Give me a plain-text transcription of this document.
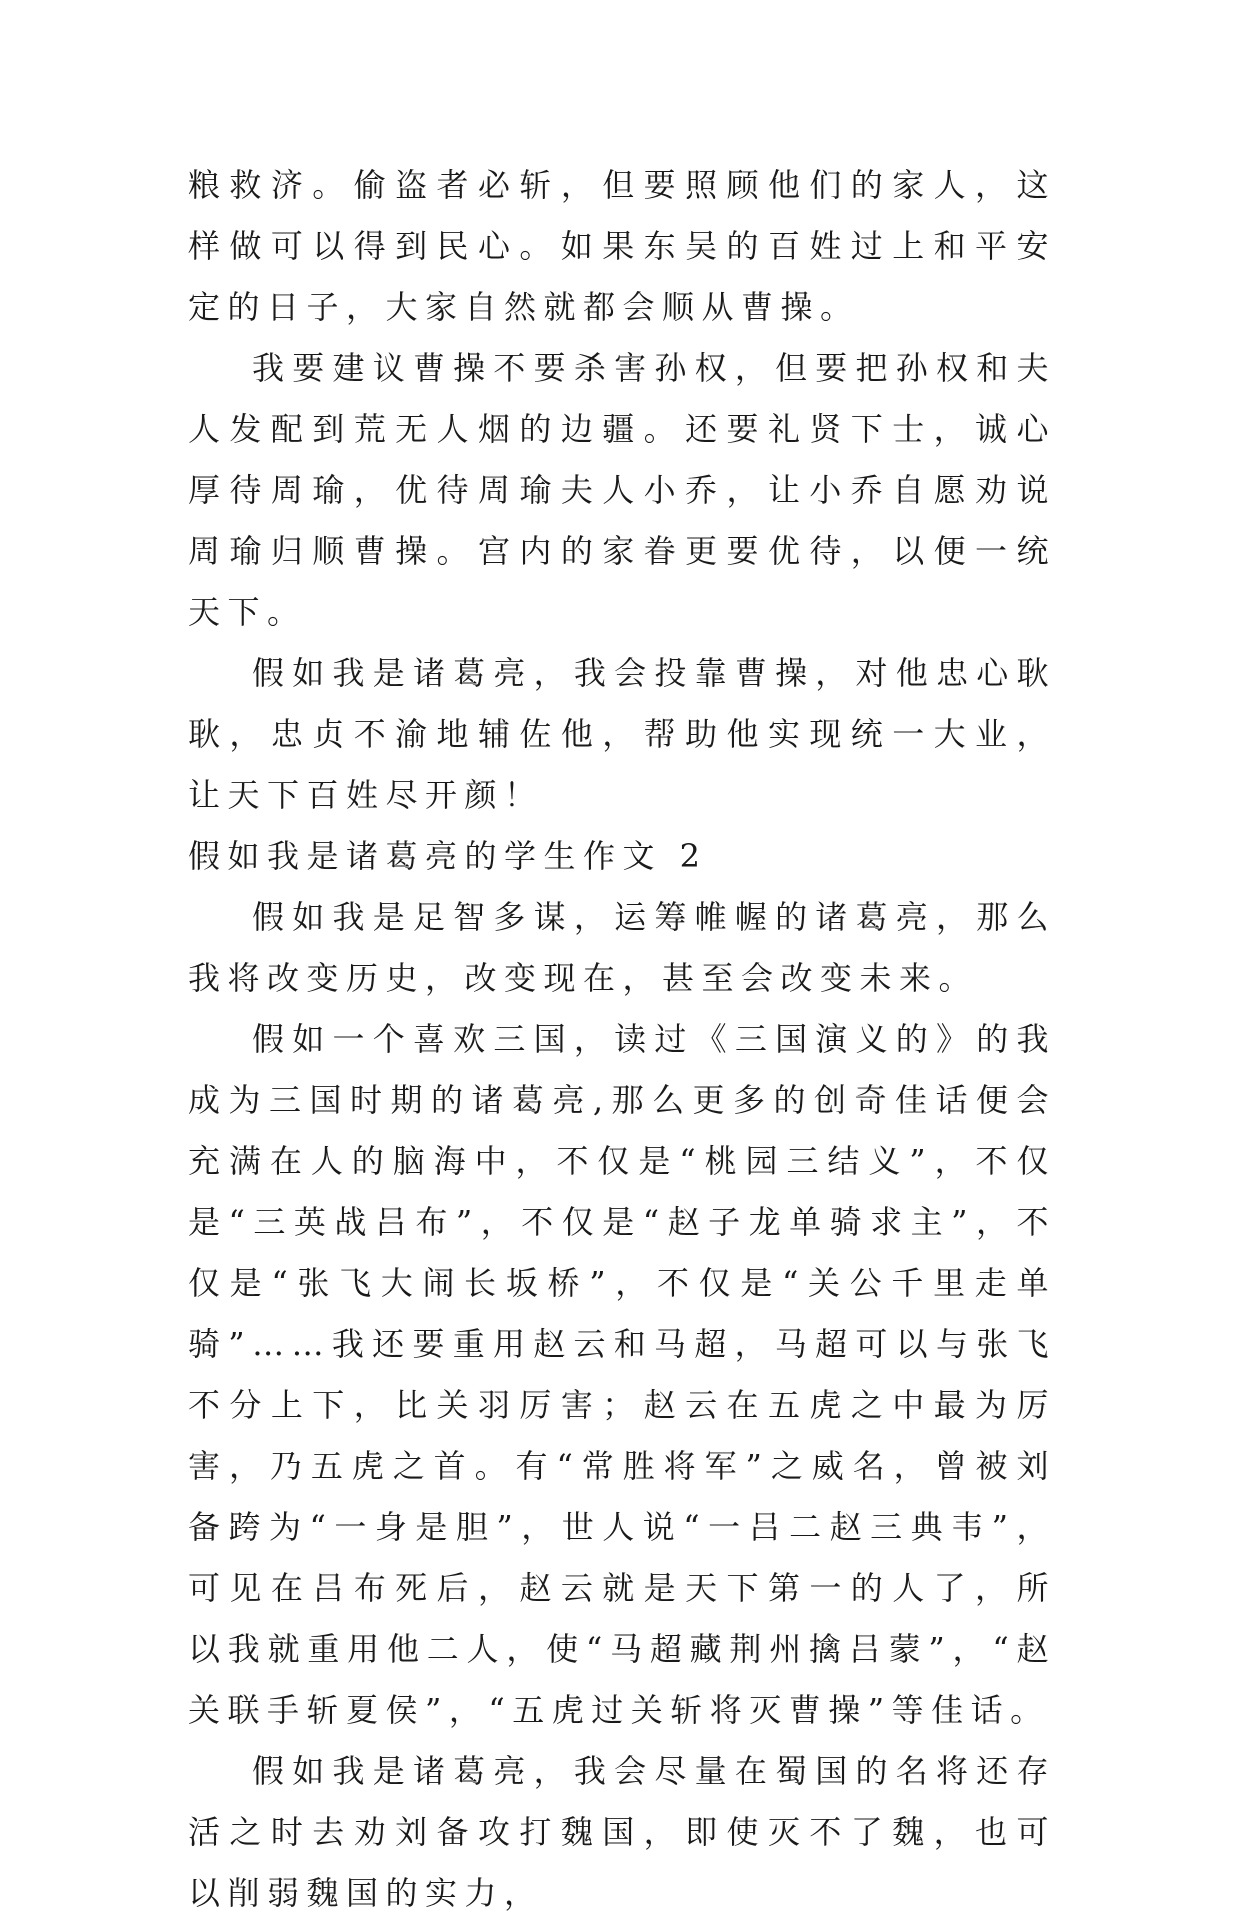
粮救济。偷盗者必斩，但要照顾他们的家人，这样做可以得到民心。如果东吴的百姓过上和平安定的日子，大家自然就都会顺从曹操。

我要建议曹操不要杀害孙权，但要把孙权和夫人发配到荒无人烟的边疆。还要礼贤下士，诚心厚待周瑜，优待周瑜夫人小乔，让小乔自愿劝说周瑜归顺曹操。宫内的家眷更要优待，以便一统天下。

假如我是诸葛亮，我会投靠曹操，对他忠心耿耿，忠贞不渝地辅佐他，帮助他实现统一大业，让天下百姓尽开颜！

假如我是诸葛亮的学生作文 2

假如我是足智多谋，运筹帷幄的诸葛亮，那么我将改变历史，改变现在，甚至会改变未来。

假如一个喜欢三国，读过《三国演义的》的我成为三国时期的诸葛亮,那么更多的创奇佳话便会充满在人的脑海中，不仅是“桃园三结义”，不仅是“三英战吕布”，不仅是“赵子龙单骑求主”，不仅是“张飞大闹长坂桥”，不仅是“关公千里走单骑”……我还要重用赵云和马超，马超可以与张飞不分上下，比关羽厉害；赵云在五虎之中最为厉害，乃五虎之首。有“常胜将军”之威名，曾被刘备跨为“一身是胆”，世人说“一吕二赵三典韦”，可见在吕布死后，赵云就是天下第一的人了，所以我就重用他二人，使“马超藏荆州擒吕蒙”，“赵关联手斩夏侯”，“五虎过关斩将灭曹操”等佳话。

假如我是诸葛亮，我会尽量在蜀国的名将还存活之时去劝刘备攻打魏国，即使灭不了魏，也可以削弱魏国的实力，
